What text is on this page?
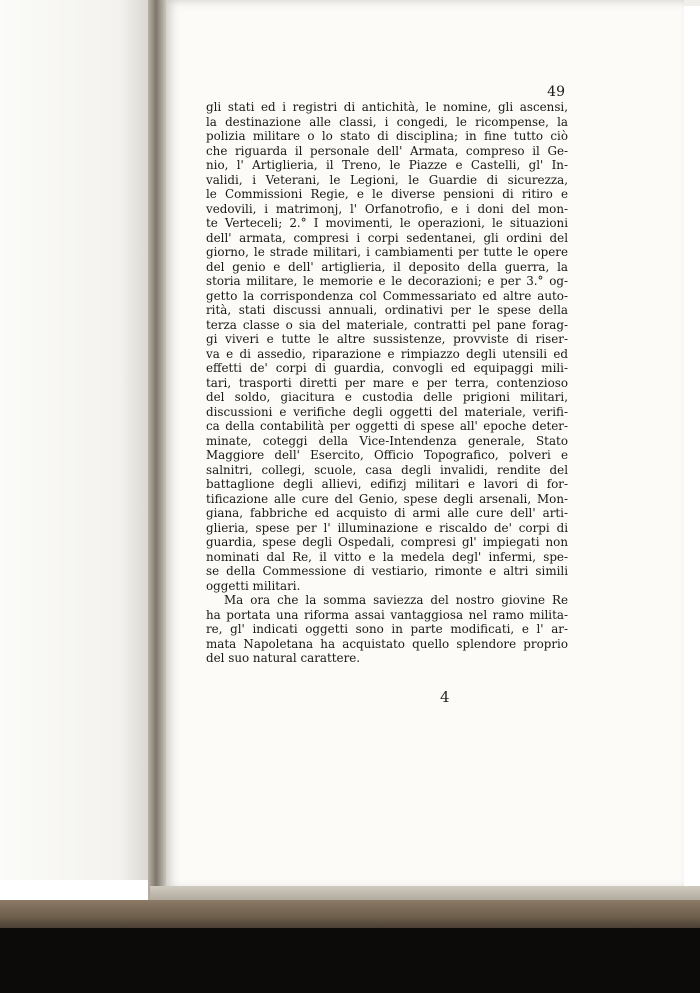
49
gli stati ed i registri di antichità, le nomine, gli ascensi,
la destinazione alle classi, i congedi, le ricompense, la
polizia militare o lo stato di disciplina; in fine tutto ciò
che riguarda il personale dell' Armata, compreso il Ge-
nio, l' Artiglieria, il Treno, le Piazze e Castelli, gl' In-
validi, i Veterani, le Legioni, le Guardie di sicurezza,
le Commissioni Regie, e le diverse pensioni di ritiro e
vedovili, i matrimonj, l' Orfanotrofio, e i doni del mon-
te Verteceli; 2.° I movimenti, le operazioni, le situazioni
dell' armata, compresi i corpi sedentanei, gli ordini del
giorno, le strade militari, i cambiamenti per tutte le opere
del genio e dell' artiglieria, il deposito della guerra, la
storia militare, le memorie e le decorazioni; e per 3.° og-
getto la corrispondenza col Commessariato ed altre auto-
rità, stati discussi annuali, ordinativi per le spese della
terza classe o sia del materiale, contratti pel pane forag-
gi viveri e tutte le altre sussistenze, provviste di riser-
va e di assedio, riparazione e rimpiazzo degli utensili ed
effetti de' corpi di guardia, convogli ed equipaggi mili-
tari, trasporti diretti per mare e per terra, contenzioso
del soldo, giacitura e custodia delle prigioni militari,
discussioni e verifiche degli oggetti del materiale, verifi-
ca della contabilità per oggetti di spese all' epoche deter-
minate, coteggi della Vice-Intendenza generale, Stato
Maggiore dell' Esercito, Officio Topografico, polveri e
salnitri, collegi, scuole, casa degli invalidi, rendite del
battaglione degli allievi, edifizj militari e lavori di for-
tificazione alle cure del Genio, spese degli arsenali, Mon-
giana, fabbriche ed acquisto di armi alle cure dell' arti-
glieria, spese per l' illuminazione e riscaldo de' corpi di
guardia, spese degli Ospedali, compresi gl' impiegati non
nominati dal Re, il vitto e la medela degl' infermi, spe-
se della Commessione di vestiario, rimonte e altri simili
oggetti militari.
Ma ora che la somma saviezza del nostro giovine Re
ha portata una riforma assai vantaggiosa nel ramo milita-
re, gl' indicati oggetti sono in parte modificati, e l' ar-
mata Napoletana ha acquistato quello splendore proprio
del suo natural carattere.
4
